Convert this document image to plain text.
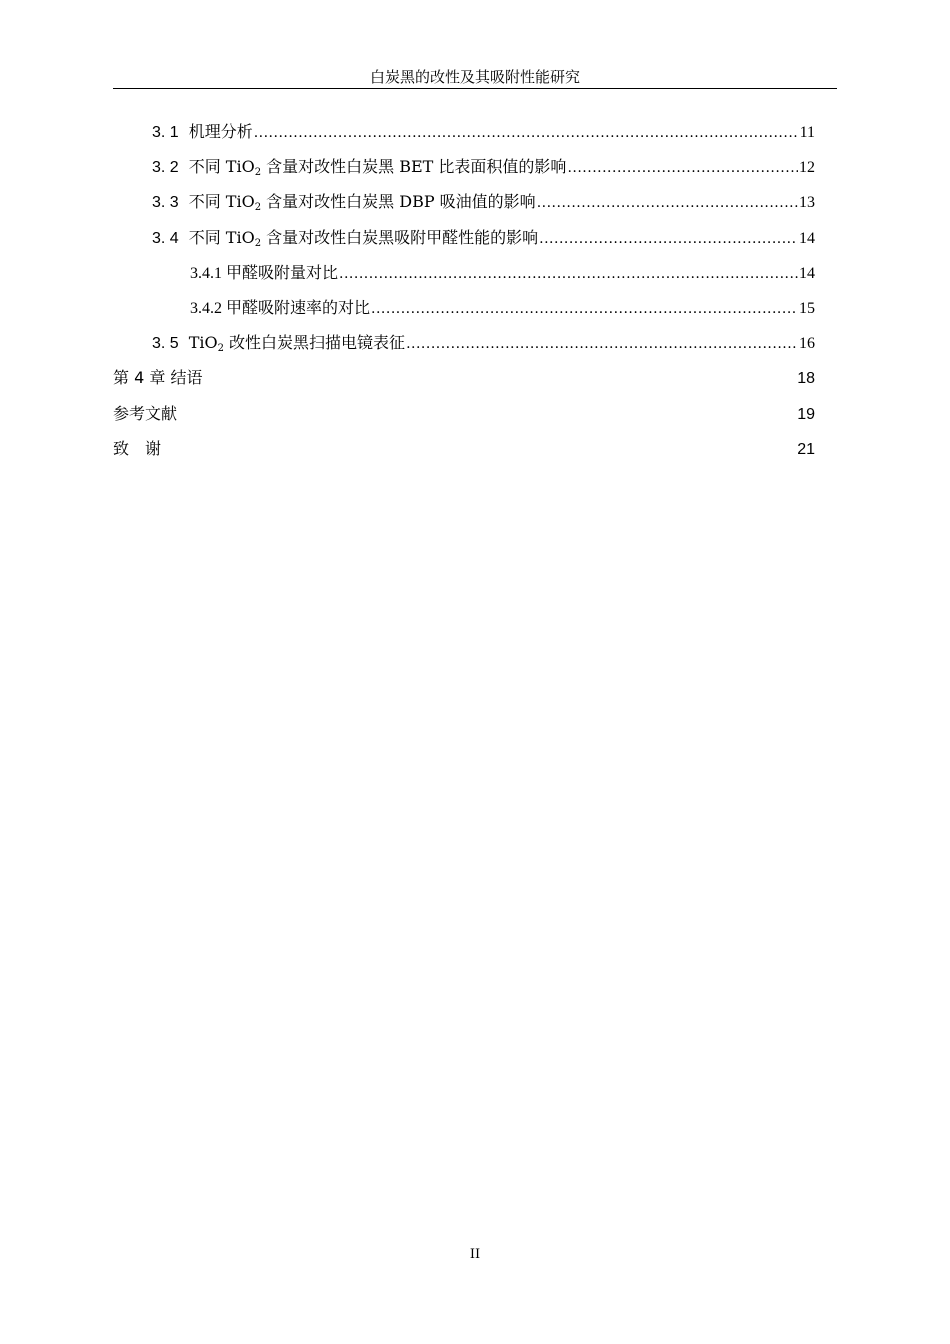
白炭黑的改性及其吸附性能研究
3. 1 机理分析 .....	11
3. 2 不同 TiO$_2$ 含量对改性白炭黑 BET 比表面积值的影响 .....	12
3. 3 不同 TiO$_2$ 含量对改性白炭黑 DBP 吸油值的影响 .....	13
3. 4 不同 TiO$_2$ 含量对改性白炭黑吸附甲醛性能的影响 .....	14
3.4.1 甲醛吸附量对比 .....	14
3.4.2 甲醛吸附速率的对比 .....	15
3. 5 TiO$_2$ 改性白炭黑扫描电镜表征 .....	16
第 4 章 结语	18
参考文献	19
致　谢	21
II
